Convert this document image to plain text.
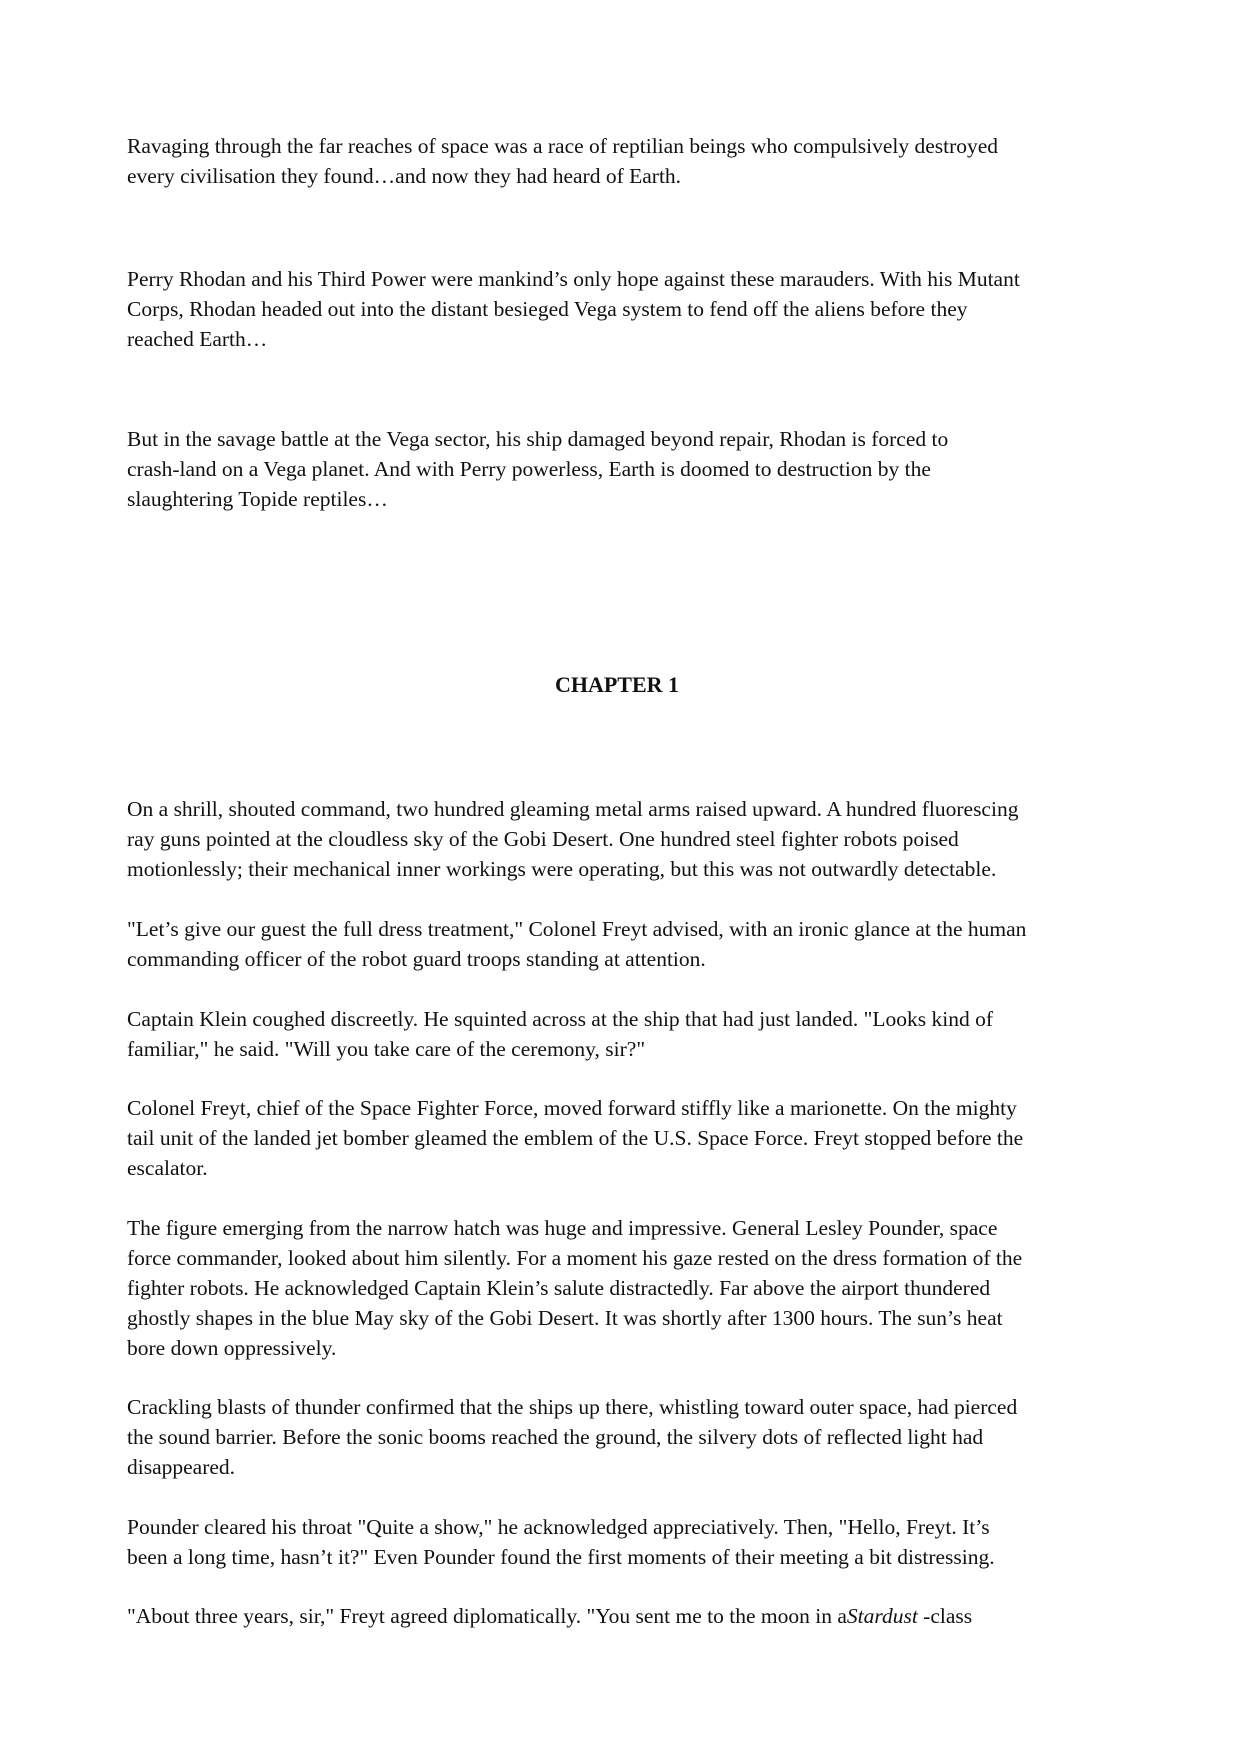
Ravaging through the far reaches of space was a race of reptilian beings who compulsively destroyed
every civilisation they found…and now they had heard of Earth.

Perry Rhodan and his Third Power were mankind’s only hope against these marauders. With his Mutant
Corps, Rhodan headed out into the distant besieged Vega system to fend off the aliens before they
reached Earth…

But in the savage battle at the Vega sector, his ship damaged beyond repair, Rhodan is forced to
crash-land on a Vega planet. And with Perry powerless, Earth is doomed to destruction by the
slaughtering Topide reptiles…

CHAPTER 1

On a shrill, shouted command, two hundred gleaming metal arms raised upward. A hundred fluorescing
ray guns pointed at the cloudless sky of the Gobi Desert. One hundred steel fighter robots poised
motionlessly; their mechanical inner workings were operating, but this was not outwardly detectable.

"Let’s give our guest the full dress treatment," Colonel Freyt advised, with an ironic glance at the human
commanding officer of the robot guard troops standing at attention.

Captain Klein coughed discreetly. He squinted across at the ship that had just landed. "Looks kind of
familiar," he said. "Will you take care of the ceremony, sir?"

Colonel Freyt, chief of the Space Fighter Force, moved forward stiffly like a marionette. On the mighty
tail unit of the landed jet bomber gleamed the emblem of the U.S. Space Force. Freyt stopped before the
escalator.

The figure emerging from the narrow hatch was huge and impressive. General Lesley Pounder, space
force commander, looked about him silently. For a moment his gaze rested on the dress formation of the
fighter robots. He acknowledged Captain Klein’s salute distractedly. Far above the airport thundered
ghostly shapes in the blue May sky of the Gobi Desert. It was shortly after 1300 hours. The sun’s heat
bore down oppressively.

Crackling blasts of thunder confirmed that the ships up there, whistling toward outer space, had pierced
the sound barrier. Before the sonic booms reached the ground, the silvery dots of reflected light had
disappeared.

Pounder cleared his throat "Quite a show," he acknowledged appreciatively. Then, "Hello, Freyt. It’s
been a long time, hasn’t it?" Even Pounder found the first moments of their meeting a bit distressing.

"About three years, sir," Freyt agreed diplomatically. "You sent me to the moon in aStardust -class
